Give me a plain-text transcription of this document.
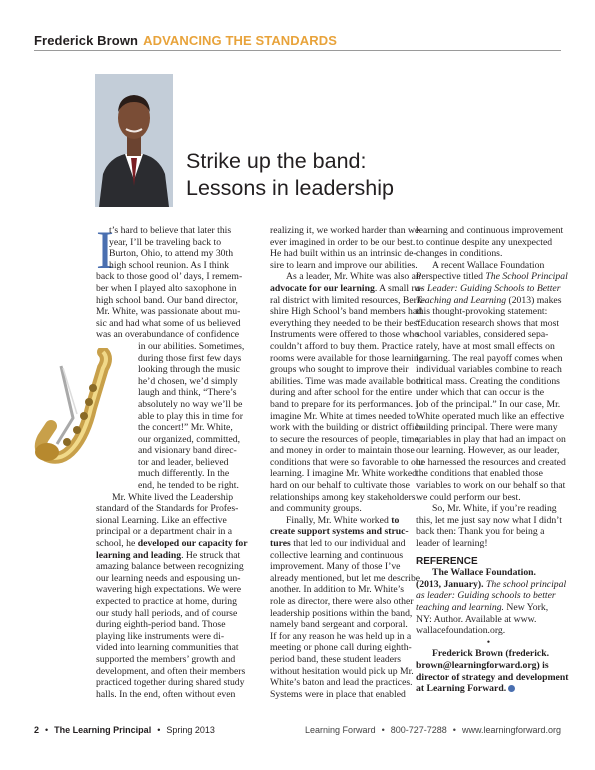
Frederick Brown ADVANCING THE STANDARDS
Strike up the band:
Lessons in leadership
I
t’s hard to believe that later this
year, I’ll be traveling back to
Burton, Ohio, to attend my 30th
high school reunion. As I think
back to those good ol’ days, I remem-
ber when I played alto saxophone in
high school band. Our band director,
Mr. White, was passionate about mu-
sic and had what some of us believed
was an overabundance of confidence
in our abilities. Sometimes,
during those first few days
looking through the music
he’d chosen, we’d simply
laugh and think, “There’s
absolutely no way we’ll be
able to play this in time for
the concert!” Mr. White,
our organized, committed,
and visionary band direc-
tor and leader, believed
much differently. In the
end, he tended to be right.
Mr. White lived the Leadership
standard of the Standards for Profes-
sional Learning. Like an effective
principal or a department chair in a
school, he developed our capacity for
learning and leading. He struck that
amazing balance between recognizing
our learning needs and espousing un-
wavering high expectations. We were
expected to practice at home, during
our study hall periods, and of course
during eighth-period band. Those
playing like instruments were di-
vided into learning communities that
supported the members’ growth and
development, and often their members
practiced together during shared study
halls. In the end, often without even
realizing it, we worked harder than we
ever imagined in order to be our best.
He had built within us an intrinsic de-
sire to learn and improve our abilities.
As a leader, Mr. White was also an
advocate for our learning. A small ru-
ral district with limited resources, Berk-
shire High School’s band members had
everything they needed to be their best.
Instruments were offered to those who
couldn’t afford to buy them. Practice
rooms were available for those learning
groups who sought to improve their
abilities. Time was made available both
during and after school for the entire
band to prepare for its performances. I
imagine Mr. White at times needed to
work with the building or district office
to secure the resources of people, time,
and money in order to maintain those
conditions that were so favorable to our
learning. I imagine Mr. White worked
hard on our behalf to cultivate those
relationships among key stakeholders
and community groups.
Finally, Mr. White worked to
create support systems and struc-
tures that led to our individual and
collective learning and continuous
improvement. Many of those I’ve
already mentioned, but let me describe
another. In addition to Mr. White’s
role as director, there were also other
leadership positions within the band,
namely band sergeant and corporal.
If for any reason he was held up in a
meeting or phone call during eighth-
period band, these student leaders
without hesitation would pick up Mr.
White’s baton and lead the practices.
Systems were in place that enabled
learning and continuous improvement
to continue despite any unexpected
changes in conditions.
A recent Wallace Foundation
Perspective titled The School Principal
as Leader: Guiding Schools to Better
Teaching and Learning (2013) makes
this thought-provoking statement:
“Education research shows that most
school variables, considered sepa-
rately, have at most small effects on
learning. The real payoff comes when
individual variables combine to reach
critical mass. Creating the conditions
under which that can occur is the
job of the principal.” In our case, Mr.
White operated much like an effective
building principal. There were many
variables in play that had an impact on
our learning. However, as our leader,
he harnessed the resources and created
the conditions that enabled those
variables to work on our behalf so that
we could perform our best.
So, Mr. White, if you’re reading
this, let me just say now what I didn’t
back then: Thank you for being a
leader of learning!
REFERENCE
The Wallace Foundation.
(2013, January). The school principal
as leader: Guiding schools to better
teaching and learning. New York,
NY: Author. Available at www.
wallacefoundation.org.
•
Frederick Brown (frederick.
brown@learningforward.org) is
director of strategy and development
at Learning Forward.
2 • The Learning Principal • Spring 2013	Learning Forward • 800-727-7288 • www.learningforward.org
